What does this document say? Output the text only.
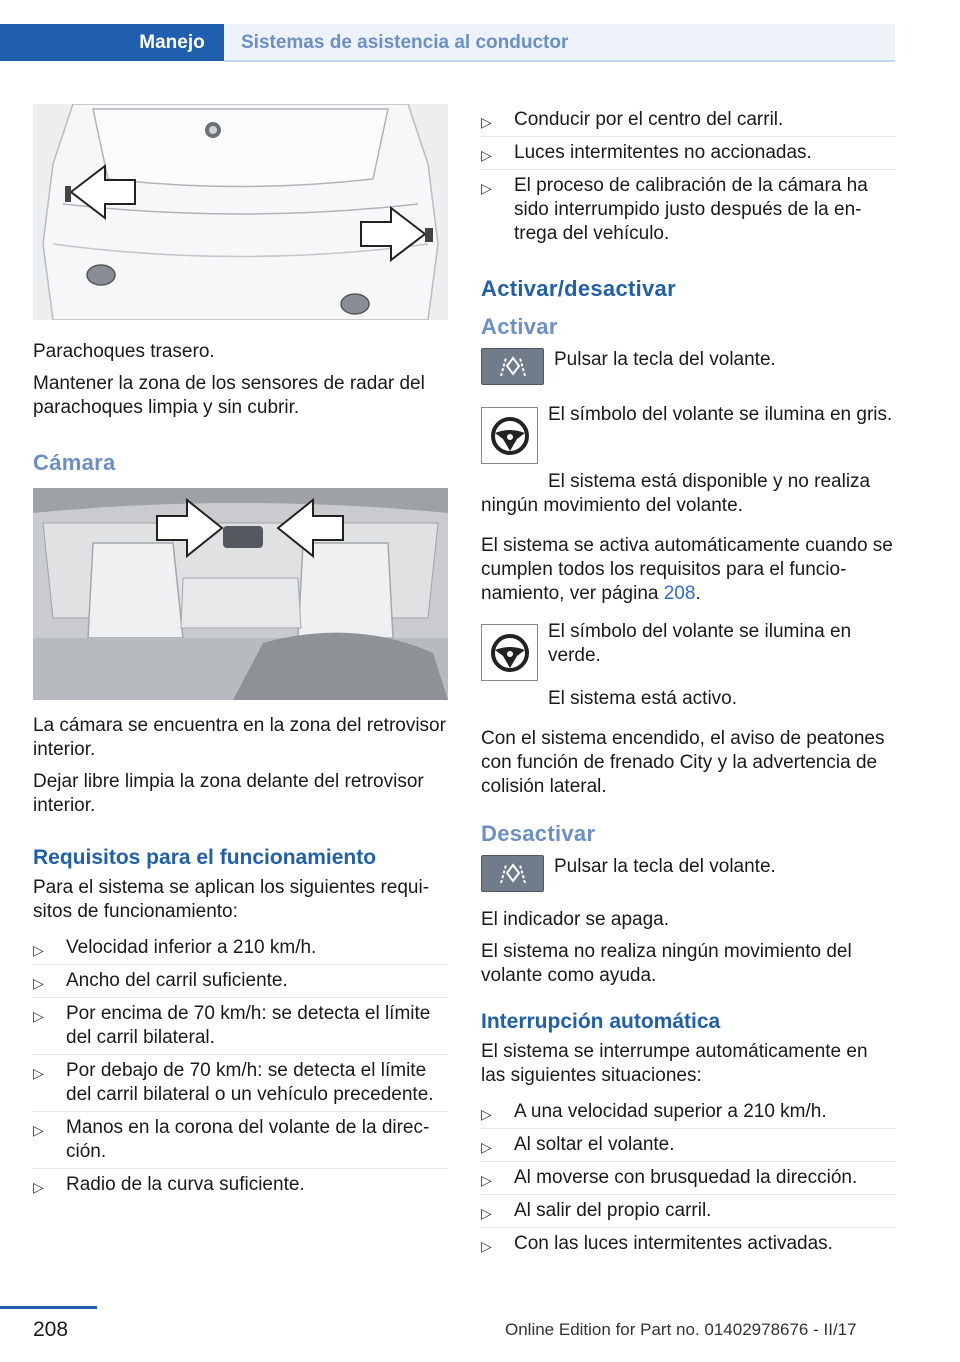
Manejo	Sistemas de asistencia al conductor

Parachoques trasero.

Mantener la zona de los sensores de radar del parachoques limpia y sin cubrir.

Cámara

La cámara se encuentra en la zona del retrovisor interior.

Dejar libre limpia la zona delante del retrovisor interior.

Requisitos para el funcionamiento

Para el sistema se aplican los siguientes requisitos de funcionamiento:

▷ Velocidad inferior a 210 km/h.
▷ Ancho del carril suficiente.
▷ Por encima de 70 km/h: se detecta el límite del carril bilateral.
▷ Por debajo de 70 km/h: se detecta el límite del carril bilateral o un vehículo precedente.
▷ Manos en la corona del volante de la dirección.
▷ Radio de la curva suficiente.
▷ Conducir por el centro del carril.
▷ Luces intermitentes no accionadas.
▷ El proceso de calibración de la cámara ha sido interrumpido justo después de la entrega del vehículo.
Activar/desactivar
Activar
Pulsar la tecla del volante.
El símbolo del volante se ilumina en gris.

El sistema está disponible y no realiza ningún movimiento del volante.

El sistema se activa automáticamente cuando se cumplen todos los requisitos para el funcionamiento, ver página 208.

El símbolo del volante se ilumina en verde.

El sistema está activo.

Con el sistema encendido, el aviso de peatones con función de frenado City y la advertencia de colisión lateral.

Desactivar
Pulsar la tecla del volante.

El indicador se apaga.

El sistema no realiza ningún movimiento del volante como ayuda.

Interrupción automática

El sistema se interrumpe automáticamente en las siguientes situaciones:

▷ A una velocidad superior a 210 km/h.
▷ Al soltar el volante.
▷ Al moverse con brusquedad la dirección.
▷ Al salir del propio carril.
▷ Con las luces intermitentes activadas.
208	Online Edition for Part no. 01402978676 - II/17
